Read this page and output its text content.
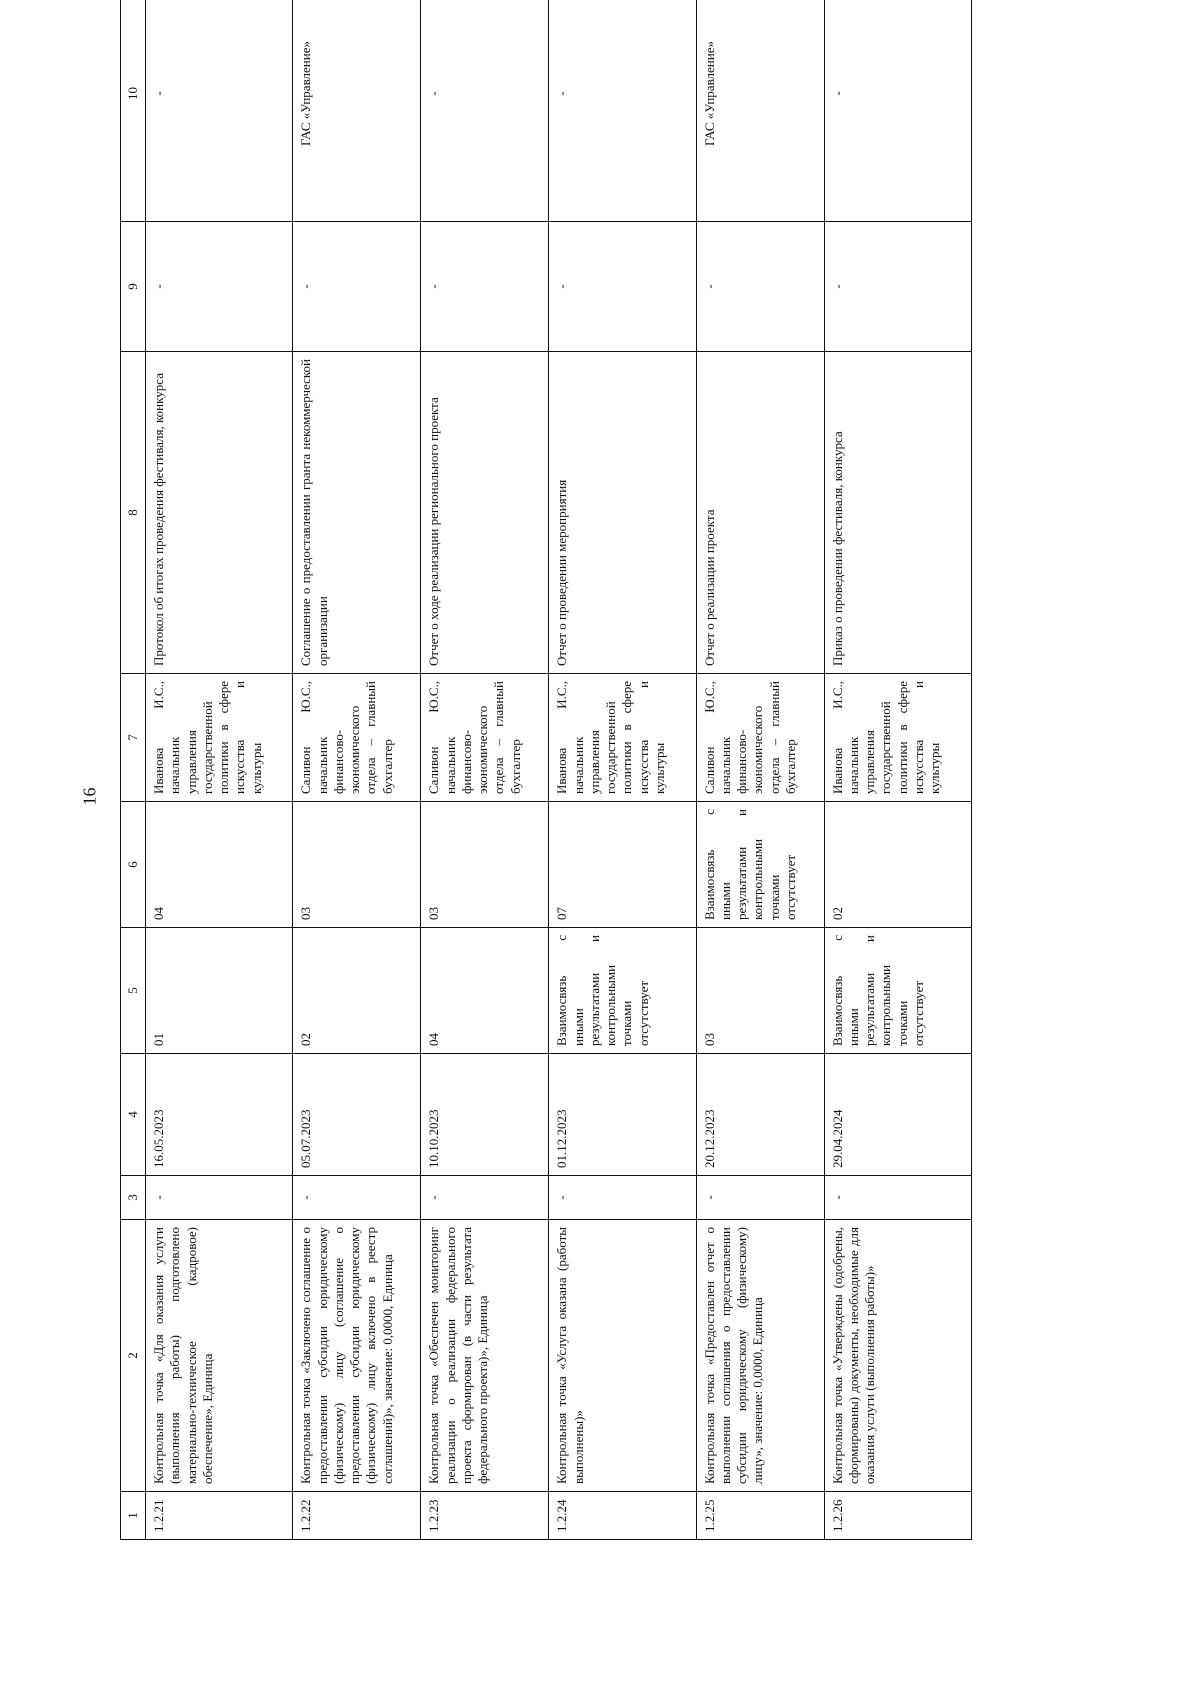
16
1	2	3	4	5	6	7	8	9	10
1.2.21	Контрольная точка «Для оказания услуги (выполнения работы) подготовлено материально-техническое (кадровое) обеспечение», Единица	-	16.05.2023	01	04	Иванова И.С., начальник управления государственной политики в сфере искусства и культуры	Протокол об итогах проведения фестиваля, конкурса	-	-
1.2.22	Контрольная точка «Заключено соглашение о предоставлении субсидии юридическому (физическому) лицу (соглашение о предоставлении субсидии юридическому (физическому) лицу включено в реестр соглашений)», значение: 0,0000, Единица	-	05.07.2023	02	03	Саливон Ю.С., начальник финансово-экономического отдела – главный бухгалтер	Соглашение о предоставлении гранта некоммерческой организации	-	ГАС «Управление»
1.2.23	Контрольная точка «Обеспечен мониторинг реализации о реализации федерального проекта сформирован (в части результата федерального проекта)», Единица	-	10.10.2023	04	03	Саливон Ю.С., начальник финансово-экономического отдела – главный бухгалтер	Отчет о ходе реализации регионального проекта	-	-
1.2.24	Контрольная точка «Услуга оказана (работы выполнены)»	-	01.12.2023	Взаимосвязь с иными результатами и контрольными точками отсутствует	07	Иванова И.С., начальник управления государственной политики в сфере искусства и культуры	Отчет о проведении мероприятия	-	-
1.2.25	Контрольная точка «Предоставлен отчет о выполнении соглашения о предоставлении субсидии юридическому (физическому) лицу», значение: 0,0000, Единица	-	20.12.2023	03	Взаимосвязь с иными результатами и контрольными точками отсутствует	Саливон Ю.С., начальник финансово-экономического отдела – главный бухгалтер	Отчет о реализации проекта	-	ГАС «Управление»
1.2.26	Контрольная точка «Утверждены (одобрены, сформированы) документы, необходимые для оказания услуги (выполнения работы)»	-	29.04.2024	Взаимосвязь с иными результатами и контрольными точками отсутствует	02	Иванова И.С., начальник управления государственной политики в сфере искусства и культуры	Приказ о проведении фестиваля, конкурса	-	-
